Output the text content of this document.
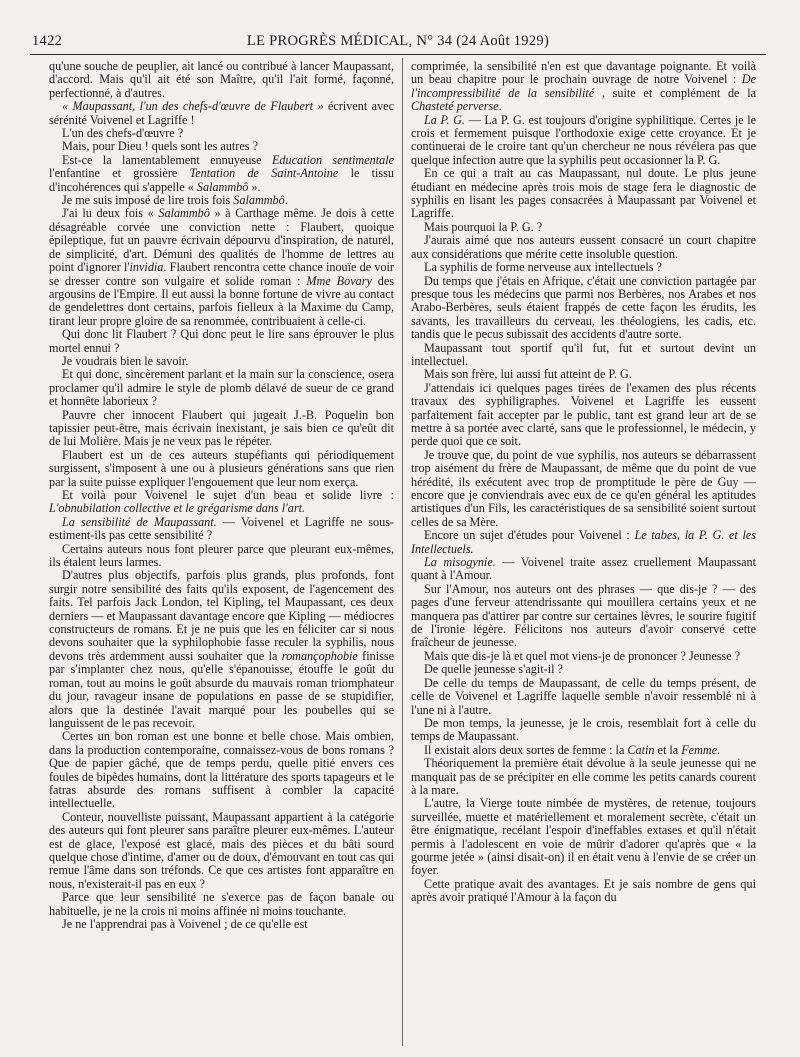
1422	LE PROGRÈS MÉDICAL, N° 34 (24 Août 1929)

qu'une souche de peuplier, ait lancé ou contribué à lancer Maupassant, d'accord. Mais qu'il ait été son Maître, qu'il l'ait formé, façonné, perfectionné, à d'autres.

« Maupassant, l'un des chefs-d'œuvre de Flaubert » écrivent avec sérénité Voivenel et Lagriffe !

L'un des chefs-d'œuvre ?

Mais, pour Dieu ! quels sont les autres ?

Est-ce la lamentablement ennuyeuse Education sentimentale l'enfantine et grossière Tentation de Saint-Antoine le tissu d'incohérences qui s'appelle « Salammbô ».

Je me suis imposé de lire trois fois Salammbô.

J'ai lu deux fois « Salammbô » à Carthage même. Je dois à cette désagréable corvée une conviction nette : Flaubert, quoique épileptique, fut un pauvre écrivain dépourvu d'inspiration, de naturel, de simplicité, d'art. Démuni des qualités de l'homme de lettres au point d'ignorer l'invidia. Flaubert rencontra cette chance inouïe de voir se dresser contre son vulgaire et solide roman : Mme Bovary des argousins de l'Empire. Il eut aussi la bonne fortune de vivre au contact de gendelettres dont certains, parfois fielleux à la Maxime du Camp, tirant leur propre gloire de sa renommée, contribuaient à celle-ci.

Qui donc lit Flaubert ? Qui donc peut le lire sans éprouver le plus mortel ennui ?

Je voudrais bien le savoir.

Et qui donc, sincèrement parlant et la main sur la conscience, osera proclamer qu'il admire le style de plomb délavé de sueur de ce grand et honnête laborieux ?

Pauvre cher innocent Flaubert qui jugeait J.-B. Poquelin bon tapissier peut-être, mais écrivain inexistant, je sais bien ce qu'eût dit de lui Molière. Mais je ne veux pas le répéter.

Flaubert est un de ces auteurs stupéfiants qui périodiquement surgissent, s'imposent à une ou à plusieurs générations sans que rien par la suite puisse expliquer l'engouement que leur nom exerça.

Et voilà pour Voivenel le sujet d'un beau et solide livre : L'obnubilation collective et le grégarisme dans l'art.

La sensibilité de Maupassant. — Voivenel et Lagriffe ne sous-estiment-ils pas cette sensibilité ?

Certains auteurs nous font pleurer parce que pleurant eux-mêmes, ils étalent leurs larmes.

D'autres plus objectifs, parfois plus grands, plus profonds, font surgir notre sensibilité des faits qu'ils exposent, de l'agencement des faits. Tel parfois Jack London, tel Kipling, tel Maupassant, ces deux derniers — et Maupassant davantage encore que Kipling — médiocres constructeurs de romans. Et je ne puis que les en féliciter car si nous devons souhaiter que la syphilophobie fasse reculer la syphilis, nous devons très ardemment aussi souhaiter que la romançophobie finisse par s'implanter chez nous, qu'elle s'épanouisse, étouffe le goût du roman, tout au moins le goût absurde du mauvais roman triomphateur du jour, ravageur insane de populations en passe de se stupidifier, alors que la destinée l'avait marqué pour les poubelles qui se languissent de le pas recevoir.

Certes un bon roman est une bonne et belle chose. Mais ombien, dans la production contemporaine, connaissez-vous de bons romans ? Que de papier gâché, que de temps perdu, quelle pitié envers ces foules de bipèdes humains, dont la littérature des sports tapageurs et le fatras absurde des romans suffisent à combler la capacité intellectuelle.

Conteur, nouvelliste puissant, Maupassant appartient à la catégorie des auteurs qui font pleurer sans paraître pleurer eux-mêmes. L'auteur est de glace, l'exposé est glacé, mais des pièces et du bâti sourd quelque chose d'intime, d'amer ou de doux, d'émouvant en tout cas qui remue l'âme dans son tréfonds. Ce que ces artistes font apparaître en nous, n'existerait-il pas en eux ?

Parce que leur sensibilité ne s'exerce pas de façon banale ou habituelle, je ne la crois ni moins affinée ni moins touchante.

Je ne l'apprendrai pas à Voivenel ; de ce qu'elle est

comprimée, la sensibilité n'en est que davantage poignante. Et voilà un beau chapitre pour le prochain ouvrage de notre Voivenel : De l'incompressibilité de la sensibilité , suite et complément de la Chasteté perverse.

La P. G. — La P. G. est toujours d'origine syphilitique. Certes je le crois et fermement puisque l'orthodoxie exige cette croyance. Et je continuerai de le croire tant qu'un chercheur ne nous révélera pas que quelque infection autre que la syphilis peut occasionner la P. G.

En ce qui a trait au cas Maupassant, nul doute. Le plus jeune étudiant en médecine après trois mois de stage fera le diagnostic de syphilis en lisant les pages consacrées à Maupassant par Voivenel et Lagriffe.

Mais pourquoi la P. G. ?

J'aurais aimé que nos auteurs eussent consacré un court chapitre aux considérations que mérite cette insoluble question.

La syphilis de forme nerveuse aux intellectuels ?

Du temps que j'étais en Afrique, c'était une conviction partagée par presque tous les médecins que parmi nos Berbères, nos Arabes et nos Arabo-Berbères, seuls étaient frappés de cette façon les érudits, les savants, les travailleurs du cerveau, les théologiens, les cadis, etc. tandis que le pecus subissait des accidents d'autre sorte.

Maupassant tout sportif qu'il fut, fut et surtout devint un intellectuel.

Mais son frère, lui aussi fut atteint de P. G.

J'attendais ici quelques pages tirées de l'examen des plus récents travaux des syphiligraphes. Voivenel et Lagriffe les eussent parfaitement fait accepter par le public, tant est grand leur art de se mettre à sa portée avec clarté, sans que le professionnel, le médecin, y perde quoi que ce soit.

Je trouve que, du point de vue syphilis, nos auteurs se débarrassent trop aisément du frère de Maupassant, de même que du point de vue hérédité, ils exécutent avec trop de promptitude le père de Guy — encore que je conviendrais avec eux de ce qu'en général les aptitudes artistiques d'un Fils, les caractéristiques de sa sensibilité soient surtout celles de sa Mère.

Encore un sujet d'études pour Voivenel : Le tabes, la P. G. et les Intellectuels.

La misogynie. — Voivenel traite assez cruellement Maupassant quant à l'Amour.

Sur l'Amour, nos auteurs ont des phrases — que dis-je ? — des pages d'une ferveur attendrissante qui mouillera certains yeux et ne manquera pas d'attirer par contre sur certaines lèvres, le sourire fugitif de l'ironie légère. Félicitons nos auteurs d'avoir conservé cette fraîcheur de jeunesse.

Mais que dis-je là et quel mot viens-je de prononcer ? Jeunesse ?

De quelle jeunesse s'agit-il ?

De celle du temps de Maupassant, de celle du temps présent, de celle de Voivenel et Lagriffe laquelle semble n'avoir ressemblé ni à l'une ni à l'autre.

De mon temps, la jeunesse, je le crois, resemblait fort à celle du temps de Maupassant.

Il existait alors deux sortes de femme : la Catin et la Femme.

Théoriquement la première était dévolue à la seule jeunesse qui ne manquait pas de se précipiter en elle comme les petits canards courent à la mare.

L'autre, la Vierge toute nimbée de mystères, de retenue, toujours surveillée, muette et matériellement et moralement secrète, c'était un être énigmatique, recélant l'espoir d'ineffables extases et qu'il n'était permis à l'adolescent en voie de mûrir d'adorer qu'après que « la gourme jetée » (ainsi disait-on) il en était venu à l'envie de se créer un foyer.

Cette pratique avait des avantages. Et je sais nombre de gens qui après avoir pratiqué l'Amour à la façon du
